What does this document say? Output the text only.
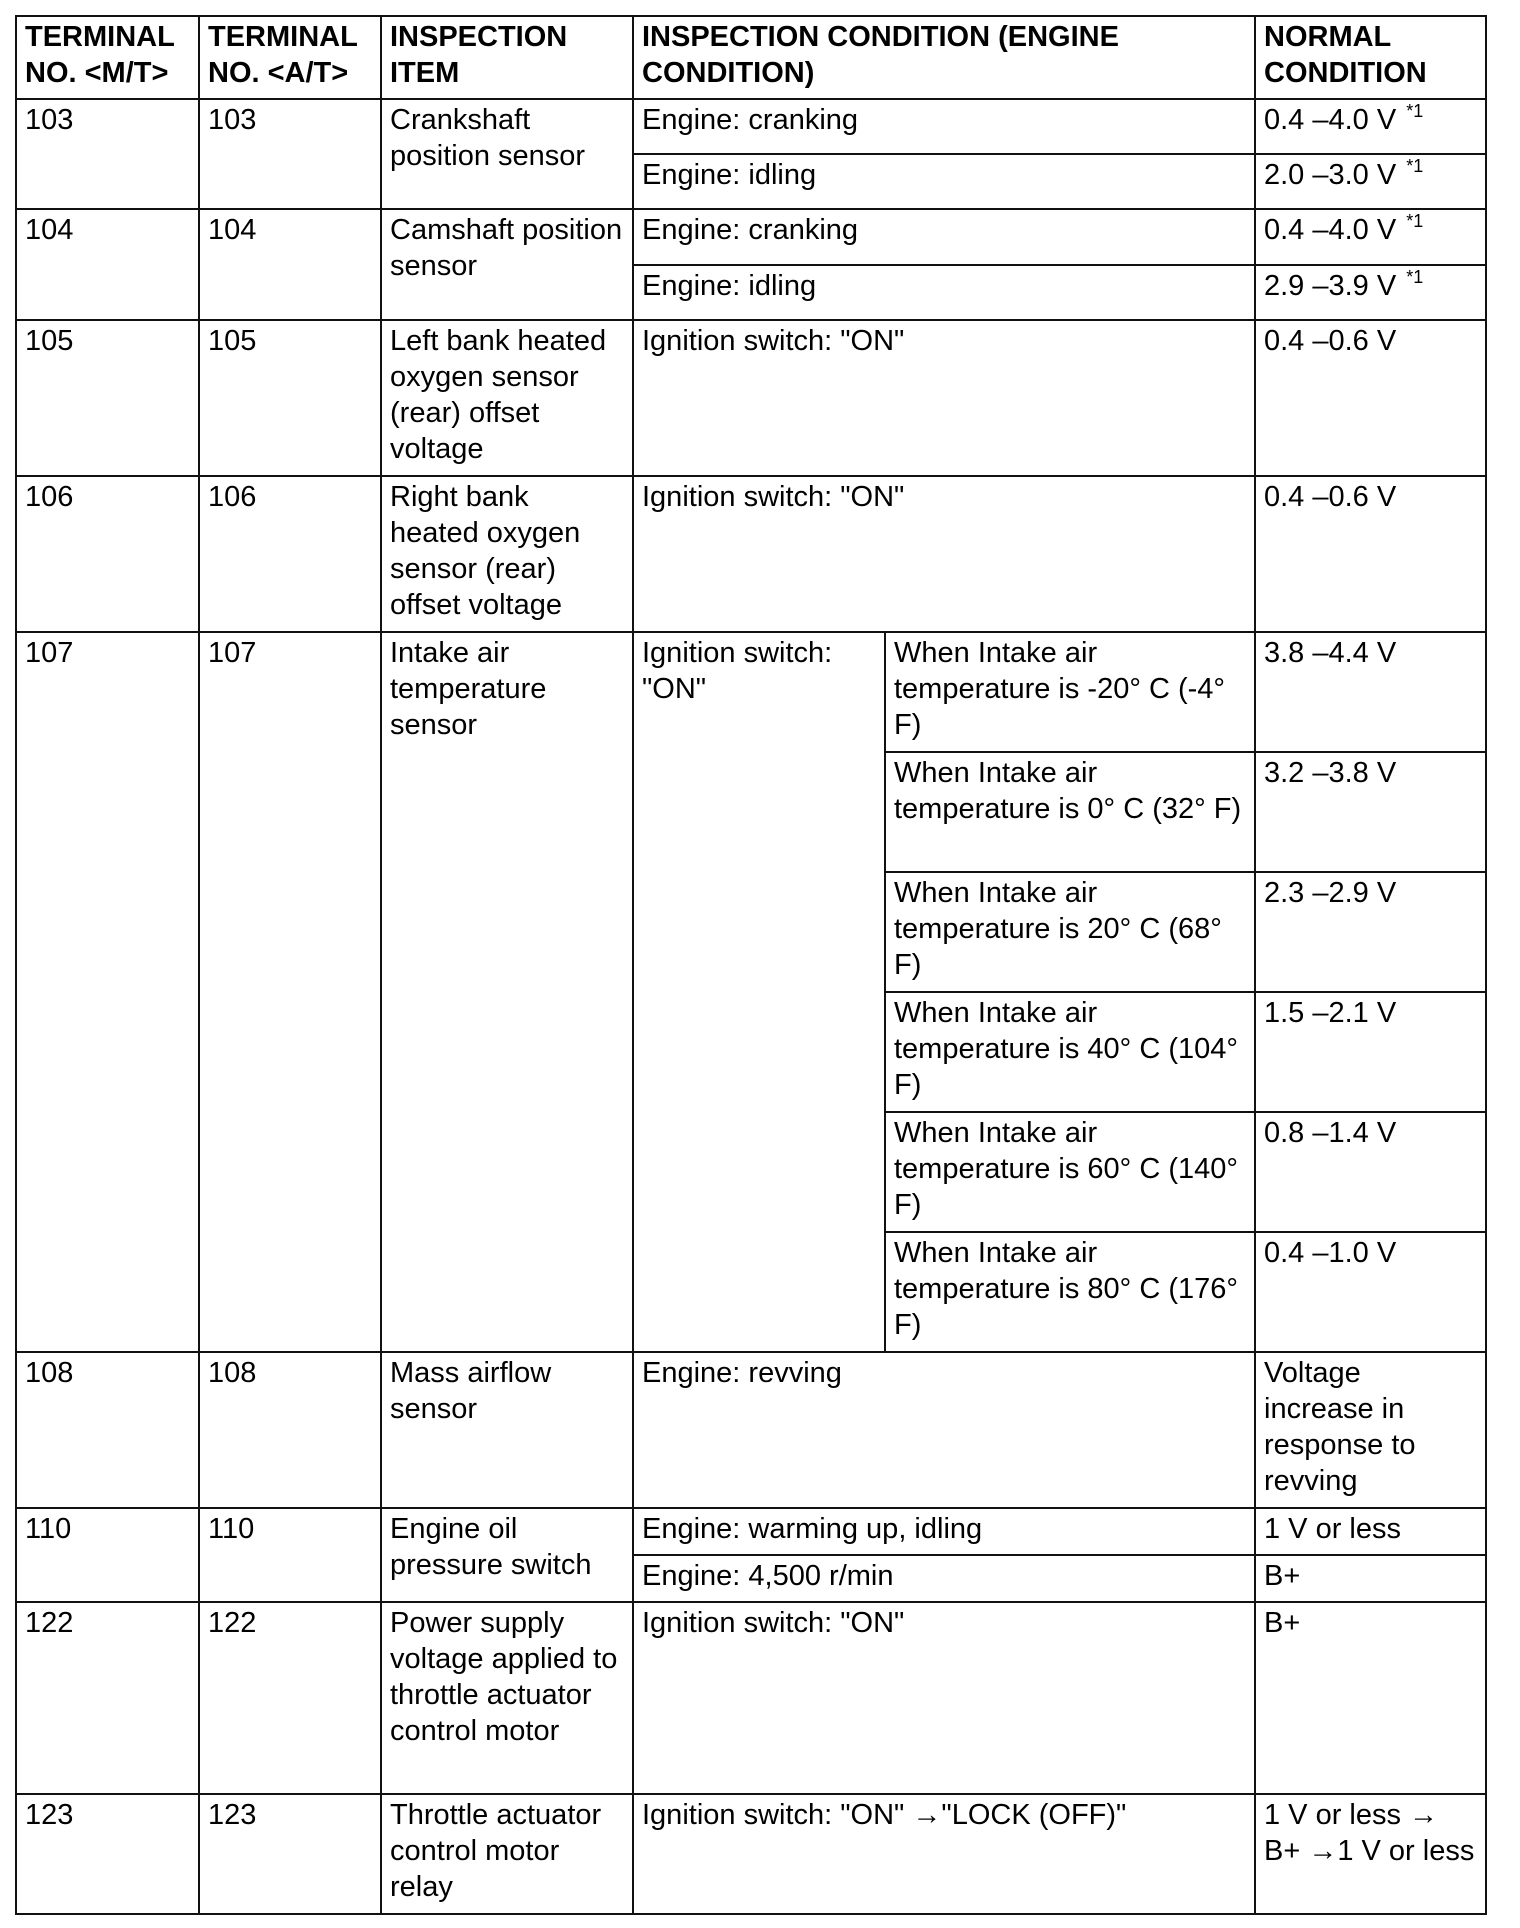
TERMINAL NO. <M/T>	TERMINAL NO. <A/T>	INSPECTION ITEM	INSPECTION CONDITION (ENGINE CONDITION)		NORMAL CONDITION
103	103	Crankshaft position sensor	Engine: cranking		0.4 –4.0 V $^{*1}$
			Engine: idling		2.0 –3.0 V $^{*1}$
104	104	Camshaft position sensor	Engine: cranking		0.4 –4.0 V $^{*1}$
			Engine: idling		2.9 –3.9 V $^{*1}$
105	105	Left bank heated oxygen sensor (rear) offset voltage	Ignition switch: "ON"		0.4 –0.6 V
106	106	Right bank heated oxygen sensor (rear) offset voltage	Ignition switch: "ON"		0.4 –0.6 V
107	107	Intake air temperature sensor	Ignition switch: "ON"	When Intake air temperature is -20° C (-4° F)	3.8 –4.4 V
				When Intake air temperature is 0° C (32° F)	3.2 –3.8 V
				When Intake air temperature is 20° C (68° F)	2.3 –2.9 V
				When Intake air temperature is 40° C (104° F)	1.5 –2.1 V
				When Intake air temperature is 60° C (140° F)	0.8 –1.4 V
				When Intake air temperature is 80° C (176° F)	0.4 –1.0 V
108	108	Mass airflow sensor	Engine: revving		Voltage increase in response to revving
110	110	Engine oil pressure switch	Engine: warming up, idling		1 V or less
			Engine: 4,500 r/min		B+
122	122	Power supply voltage applied to throttle actuator control motor	Ignition switch: "ON"		B+
123	123	Throttle actuator control motor relay	Ignition switch: "ON" →"LOCK (OFF)"		1 V or less → B+ →1 V or less
